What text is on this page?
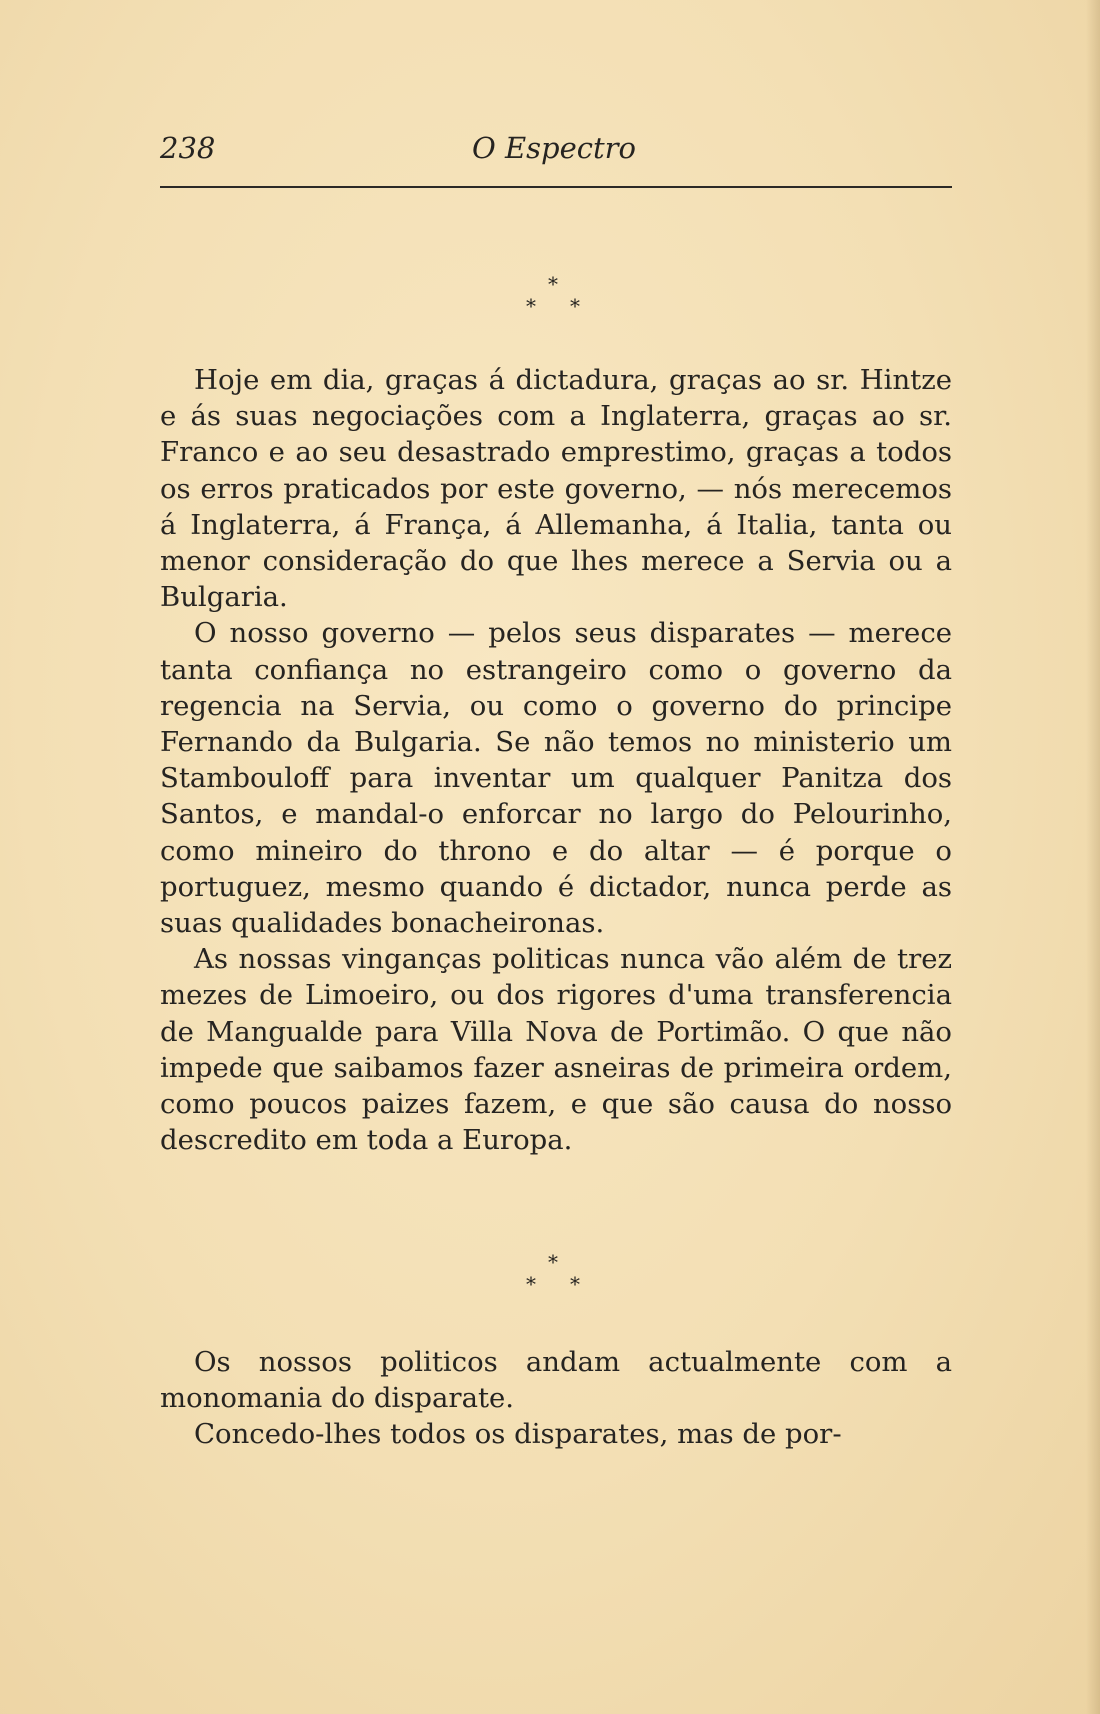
238	O Espectro
*
* *

Hoje em dia, graças á dictadura, graças ao sr. Hintze e ás suas negociações com a Inglaterra, graças ao sr. Franco e ao seu desastrado emprestimo, graças a todos os erros praticados por este governo, — nós merecemos á Inglaterra, á França, á Allemanha, á Italia, tanta ou menor consideração do que lhes merece a Servia ou a Bulgaria.

O nosso governo — pelos seus disparates — merece tanta confiança no estrangeiro como o governo da regencia na Servia, ou como o governo do principe Fernando da Bulgaria. Se não temos no ministerio um Stambouloff para inventar um qualquer Panitza dos Santos, e mandal-o enforcar no largo do Pelourinho, como mineiro do throno e do altar — é porque o portuguez, mesmo quando é dictador, nunca perde as suas qualidades bonacheironas.

As nossas vinganças politicas nunca vão além de trez mezes de Limoeiro, ou dos rigores d'uma transferencia de Mangualde para Villa Nova de Portimão. O que não impede que saibamos fazer asneiras de primeira ordem, como poucos paizes fazem, e que são causa do nosso descredito em toda a Europa.

*
* *

Os nossos politicos andam actualmente com a monomania do disparate.

Concedo-lhes todos os disparates, mas de por-
